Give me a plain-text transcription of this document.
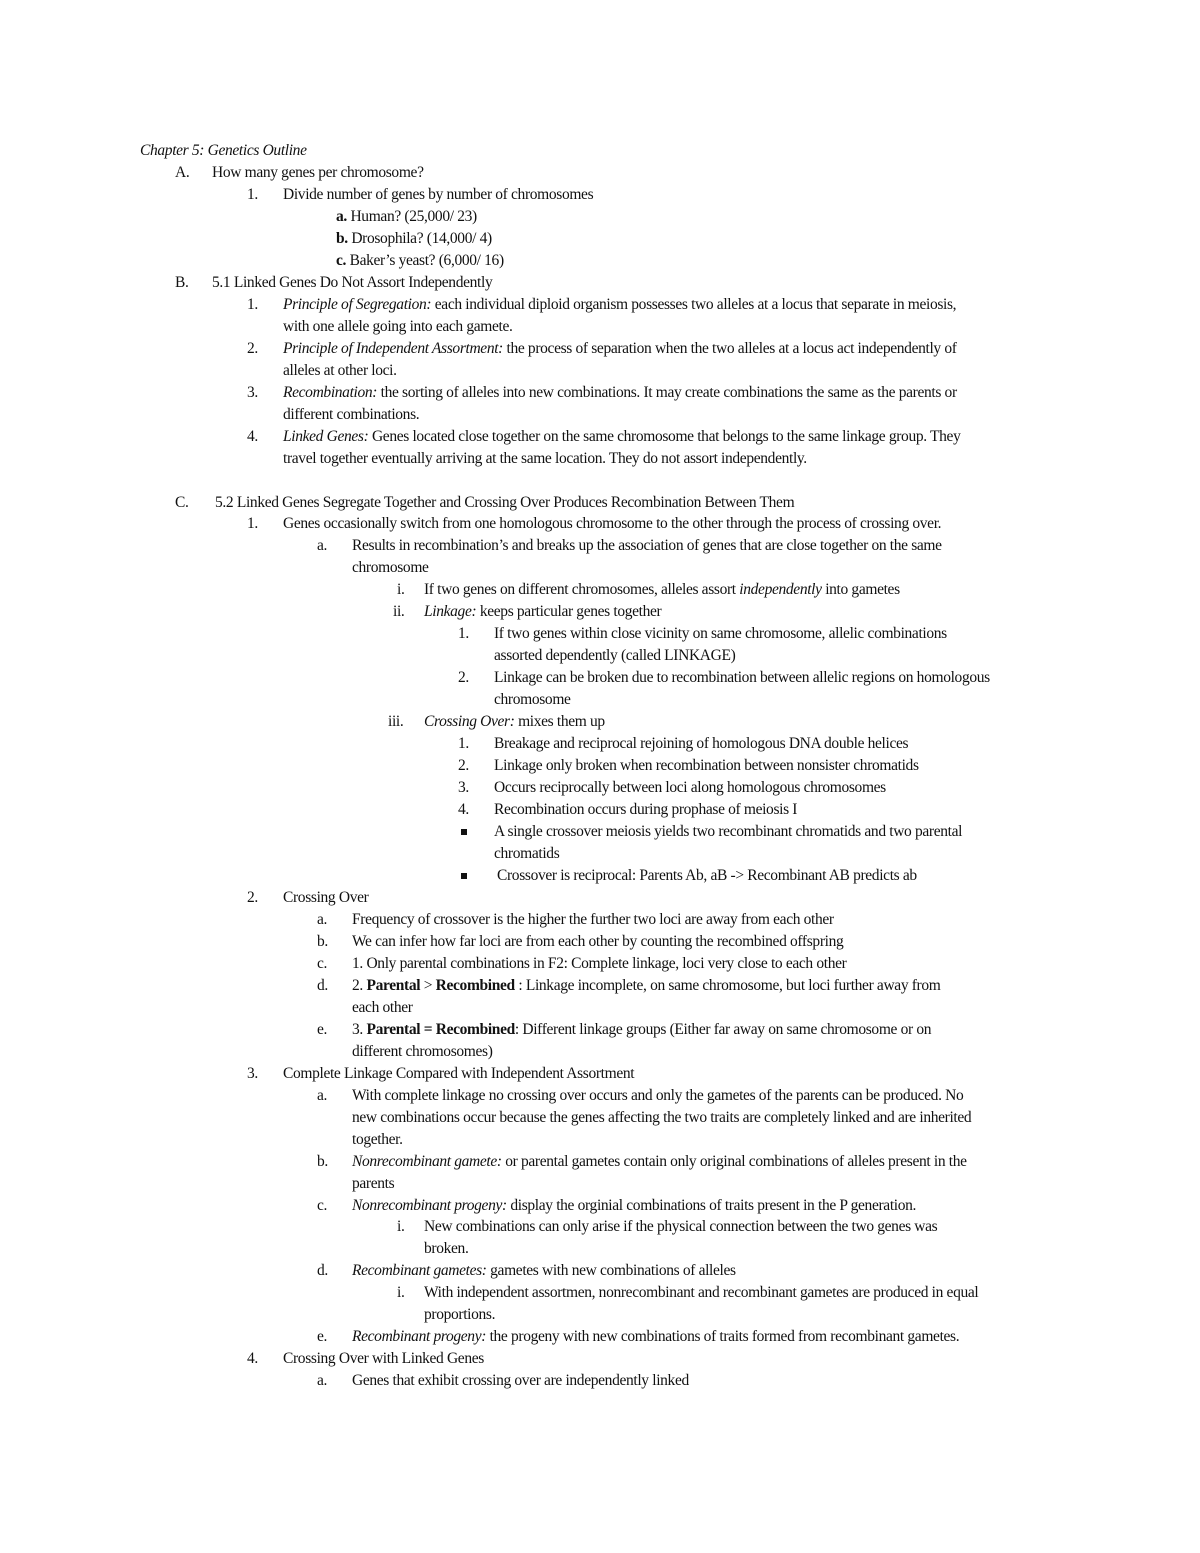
Chapter 5: Genetics Outline
A. How many genes per chromosome?
1. Divide number of genes by number of chromosomes
a. Human? (25,000/ 23)
b. Drosophila? (14,000/ 4)
c. Baker’s yeast? (6,000/ 16)
B. 5.1 Linked Genes Do Not Assort Independently
1. Principle of Segregation: each individual diploid organism possesses two alleles at a locus that separate in meiosis,
with one allele going into each gamete.
2. Principle of Independent Assortment: the process of separation when the two alleles at a locus act independently of
alleles at other loci.
3. Recombination: the sorting of alleles into new combinations. It may create combinations the same as the parents or
different combinations.
4. Linked Genes: Genes located close together on the same chromosome that belongs to the same linkage group. They
travel together eventually arriving at the same location. They do not assort independently.
C. 5.2 Linked Genes Segregate Together and Crossing Over Produces Recombination Between Them
1. Genes occasionally switch from one homologous chromosome to the other through the process of crossing over.
a. Results in recombination’s and breaks up the association of genes that are close together on the same
chromosome
i. If two genes on different chromosomes, alleles assort independently into gametes
ii. Linkage: keeps particular genes together
1. If two genes within close vicinity on same chromosome, allelic combinations
assorted dependently (called LINKAGE)
2. Linkage can be broken due to recombination between allelic regions on homologous
chromosome
iii. Crossing Over: mixes them up
1. Breakage and reciprocal rejoining of homologous DNA double helices
2. Linkage only broken when recombination between nonsister chromatids
3. Occurs reciprocally between loci along homologous chromosomes
4. Recombination occurs during prophase of meiosis I
A single crossover meiosis yields two recombinant chromatids and two parental
chromatids
Crossover is reciprocal: Parents Ab, aB -> Recombinant AB predicts ab
2. Crossing Over
a. Frequency of crossover is the higher the further two loci are away from each other
b. We can infer how far loci are from each other by counting the recombined offspring
c. 1. Only parental combinations in F2: Complete linkage, loci very close to each other
d. 2. Parental > Recombined : Linkage incomplete, on same chromosome, but loci further away from
each other
e. 3. Parental = Recombined: Different linkage groups (Either far away on same chromosome or on
different chromosomes)
3. Complete Linkage Compared with Independent Assortment
a. With complete linkage no crossing over occurs and only the gametes of the parents can be produced. No
new combinations occur because the genes affecting the two traits are completely linked and are inherited
together.
b. Nonrecombinant gamete: or parental gametes contain only original combinations of alleles present in the
parents
c. Nonrecombinant progeny: display the orginial combinations of traits present in the P generation.
i. New combinations can only arise if the physical connection between the two genes was
broken.
d. Recombinant gametes: gametes with new combinations of alleles
i. With independent assortmen, nonrecombinant and recombinant gametes are produced in equal
proportions.
e. Recombinant progeny: the progeny with new combinations of traits formed from recombinant gametes.
4. Crossing Over with Linked Genes
a. Genes that exhibit crossing over are independently linked
